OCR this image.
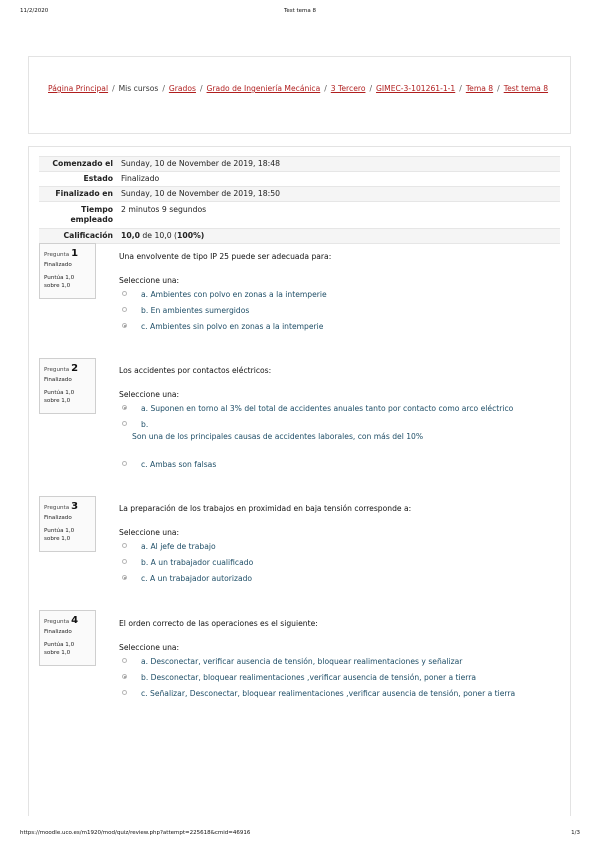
11/2/2020	Test tema 8
Página Principal / Mis cursos / Grados / Grado de Ingeniería Mecánica / 3 Tercero / GIMEC-3-101261-1-1 / Tema 8 / Test tema 8
Comenzado el	Sunday, 10 de November de 2019, 18:48
Estado	Finalizado
Finalizado en	Sunday, 10 de November de 2019, 18:50
Tiempo empleado	2 minutos 9 segundos
Calificación	10,0 de 10,0 (100%)
Pregunta 1
Finalizado
Puntúa 1,0 sobre 1,0
Una envolvente de tipo IP 25 puede ser adecuada para:
Seleccione una:
a. Ambientes con polvo en zonas a la intemperie
b. En ambientes sumergidos
c. Ambientes sin polvo en zonas a la intemperie
Pregunta 2
Finalizado
Puntúa 1,0 sobre 1,0
Los accidentes por contactos eléctricos:
Seleccione una:
a. Suponen en torno al 3% del total de accidentes anuales tanto por contacto como arco eléctrico
b.
Son una de los principales causas de accidentes laborales, con más del 10%
c. Ambas son falsas
Pregunta 3
Finalizado
Puntúa 1,0 sobre 1,0
La preparación de los trabajos en proximidad en baja tensión corresponde a:
Seleccione una:
a. Al jefe de trabajo
b. A un trabajador cualificado
c. A un trabajador autorizado
Pregunta 4
Finalizado
Puntúa 1,0 sobre 1,0
El orden correcto de las operaciones es el siguiente:
Seleccione una:
a. Desconectar, verificar ausencia de tensión, bloquear realimentaciones y señalizar
b. Desconectar, bloquear realimentaciones ,verificar ausencia de tensión, poner a tierra
c. Señalizar, Desconectar, bloquear realimentaciones ,verificar ausencia de tensión, poner a tierra
https://moodle.uco.es/m1920/mod/quiz/review.php?attempt=225618&cmid=46916	1/3
